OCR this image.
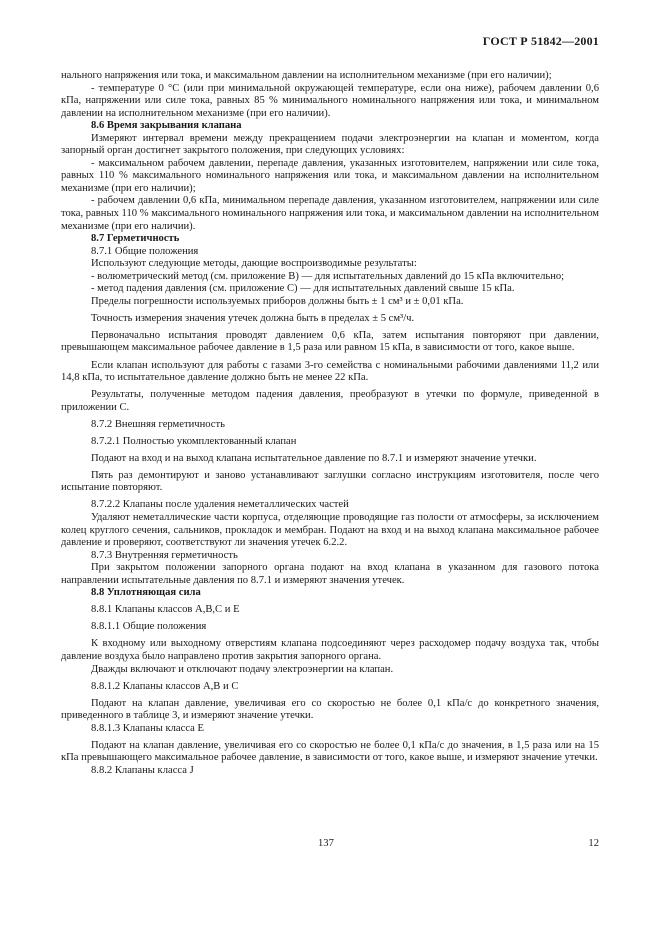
ГОСТ Р 51842—2001

нального напряжения или тока, и максимальном давлении на исполнительном механизме (при его наличии);

- температуре 0 °С (или при минимальной окружающей температуре, если она ниже), рабочем давлении 0,6 кПа, напряжении или силе тока, равных 85 % минимального номинального напряжения или тока, и минимальном давлении на исполнительном механизме (при его наличии).

8.6 Время закрывания клапана

Измеряют интервал времени между прекращением подачи электроэнергии на клапан и моментом, когда запорный орган достигнет закрытого положения, при следующих условиях:

- максимальном рабочем давлении, перепаде давления, указанных изготовителем, напряжении или силе тока, равных 110 % максимального номинального напряжения или тока, и максимальном давлении на исполнительном механизме (при его наличии);

- рабочем давлении 0,6 кПа, минимальном перепаде давления, указанном изготовителем, напряжении или силе тока, равных 110 % максимального номинального напряжения или тока, и максимальном давлении на исполнительном механизме (при его наличии).

8.7 Герметичность

8.7.1 Общие положения

Используют следующие методы, дающие воспроизводимые результаты:

- волюметрический метод (см. приложение В) — для испытательных давлений до 15 кПа включительно;

- метод падения давления (см. приложение С) — для испытательных давлений свыше 15 кПа.

Пределы погрешности используемых приборов должны быть ± 1 см³ и ± 0,01 кПа.

Точность измерения значения утечек должна быть в пределах ± 5 см³/ч.

Первоначально испытания проводят давлением 0,6 кПа, затем испытания повторяют при давлении, превышающем максимальное рабочее давление в 1,5 раза или равном 15 кПа, в зависимости от того, какое выше.

Если клапан используют для работы с газами 3-го семейства с номинальными рабочими давлениями 11,2 или 14,8 кПа, то испытательное давление должно быть не менее 22 кПа.

Результаты, полученные методом падения давления, преобразуют в утечки по формуле, приведенной в приложении С.

8.7.2 Внешняя герметичность

8.7.2.1 Полностью укомплектованный клапан

Подают на вход и на выход клапана испытательное давление по 8.7.1 и измеряют значение утечки.

Пять раз демонтируют и заново устанавливают заглушки согласно инструкциям изготовителя, после чего испытание повторяют.

8.7.2.2 Клапаны после удаления неметаллических частей

Удаляют неметаллические части корпуса, отделяющие проводящие газ полости от атмосферы, за исключением колец круглого сечения, сальников, прокладок и мембран. Подают на вход и на выход клапана максимальное рабочее давление и проверяют, соответствуют ли значения утечек 6.2.2.

8.7.3 Внутренняя герметичность

При закрытом положении запорного органа подают на вход клапана в указанном для газового потока направлении испытательные давления по 8.7.1 и измеряют значения утечек.

8.8 Уплотняющая сила

8.8.1 Клапаны классов А,В,С и Е

8.8.1.1 Общие положения

К входному или выходному отверстиям клапана подсоединяют через расходомер подачу воздуха так, чтобы давление воздуха было направлено против закрытия запорного органа.

Дважды включают и отключают подачу электроэнергии на клапан.

8.8.1.2 Клапаны классов А,В и С

Подают на клапан давление, увеличивая его со скоростью не более 0,1 кПа/с до конкретного значения, приведенного в таблице 3, и измеряют значение утечки.

8.8.1.3 Клапаны класса Е

Подают на клапан давление, увеличивая его со скоростью не более 0,1 кПа/с до значения, в 1,5 раза или на 15 кПа превышающего максимальное рабочее давление, в зависимости от того, какое выше, и измеряют значение утечки.

8.8.2 Клапаны класса J

137	12
